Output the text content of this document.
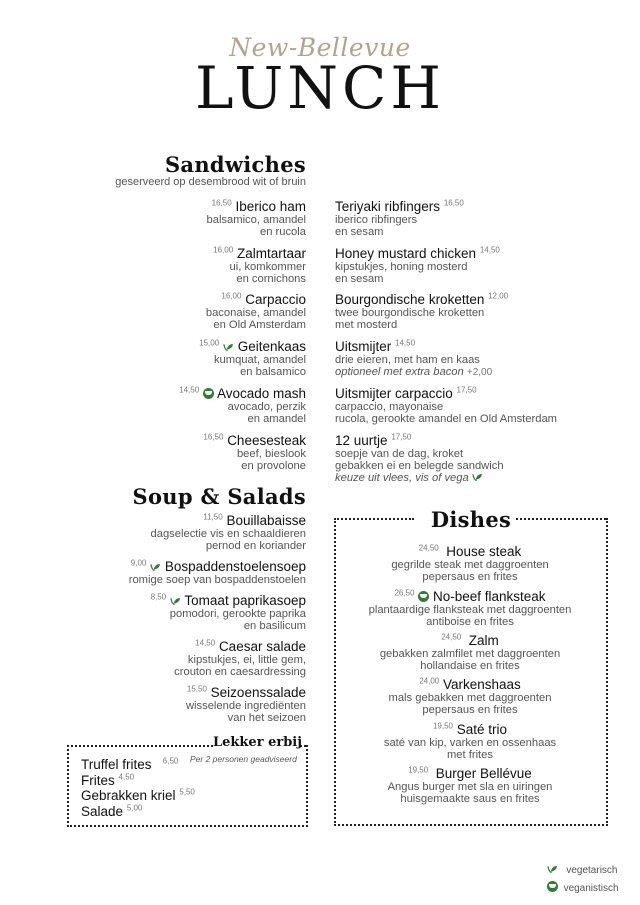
New-Bellevue
LUNCH
Sandwiches
geserveerd op desembrood wit of bruin
$^{16,50}$ Iberico ham
balsamico, amandel
en rucola
$^{16,00}$ Zalmtartaar
ui, komkommer
en cornichons
$^{16,00}$ Carpaccio
baconaise, amandel
en Old Amsterdam
$^{15,00}$ Geitenkaas
kumquat, amandel
en balsamico
$^{14,50}$ Avocado mash
avocado, perzik
en amandel
$^{16,50}$ Cheesesteak
beef, bieslook
en provolone
Teriyaki ribfingers $^{16,50}$
iberico ribfingers
en sesam
Honey mustard chicken $^{14,50}$
kipstukjes, honing mosterd
en sesam
Bourgondische kroketten $^{12,00}$
twee bourgondische kroketten
met mosterd
Uitsmijter $^{14,50}$
drie eieren, met ham en kaas
optioneel met extra bacon +2,00
Uitsmijter carpaccio $^{17,50}$
carpaccio, mayonaise
rucola, gerookte amandel en Old Amsterdam
12 uurtje $^{17,50}$
soepje van de dag, kroket
gebakken ei en belegde sandwich
keuze uit vlees, vis of vega
Soup & Salads
$^{11,50}$ Bouillabaisse
dagselectie vis en schaaldieren
pernod en koriander
$^{9,00}$ Bospaddenstoelensoep
romige soep van bospaddenstoelen
$^{8,50}$ Tomaat paprikasoep
pomodori, gerookte paprika
en basilicum
$^{14,50}$ Caesar salade
kipstukjes, ei, little gem,
crouton en caesardressing
$^{15,50}$ Seizoenssalade
wisselende ingrediënten
van het seizoen
Lekker erbij
Per 2 personen geadviseerd
Truffel frites $^{6,50}$
Frites $^{4,50}$
Gebrakken kriel $^{5,50}$
Salade $^{5,00}$
Dishes
$^{24,50}$ House steak
gegrilde steak met daggroenten
pepersaus en frites
$^{26,50}$ No-beef flanksteak
plantaardige flanksteak met daggroenten
antiboise en frites
$^{24,50}$ Zalm
gebakken zalmfilet met daggroenten
hollandaise en frites
$^{24,00}$ Varkenshaas
mals gebakken met daggroenten
pepersaus en frites
$^{19,50}$ Saté trio
saté van kip, varken en ossenhaas
met frites
$^{19,50}$ Burger Bellévue
Angus burger met sla en uiringen
huisgemaakte saus en frites
vegetarisch
veganistisch
